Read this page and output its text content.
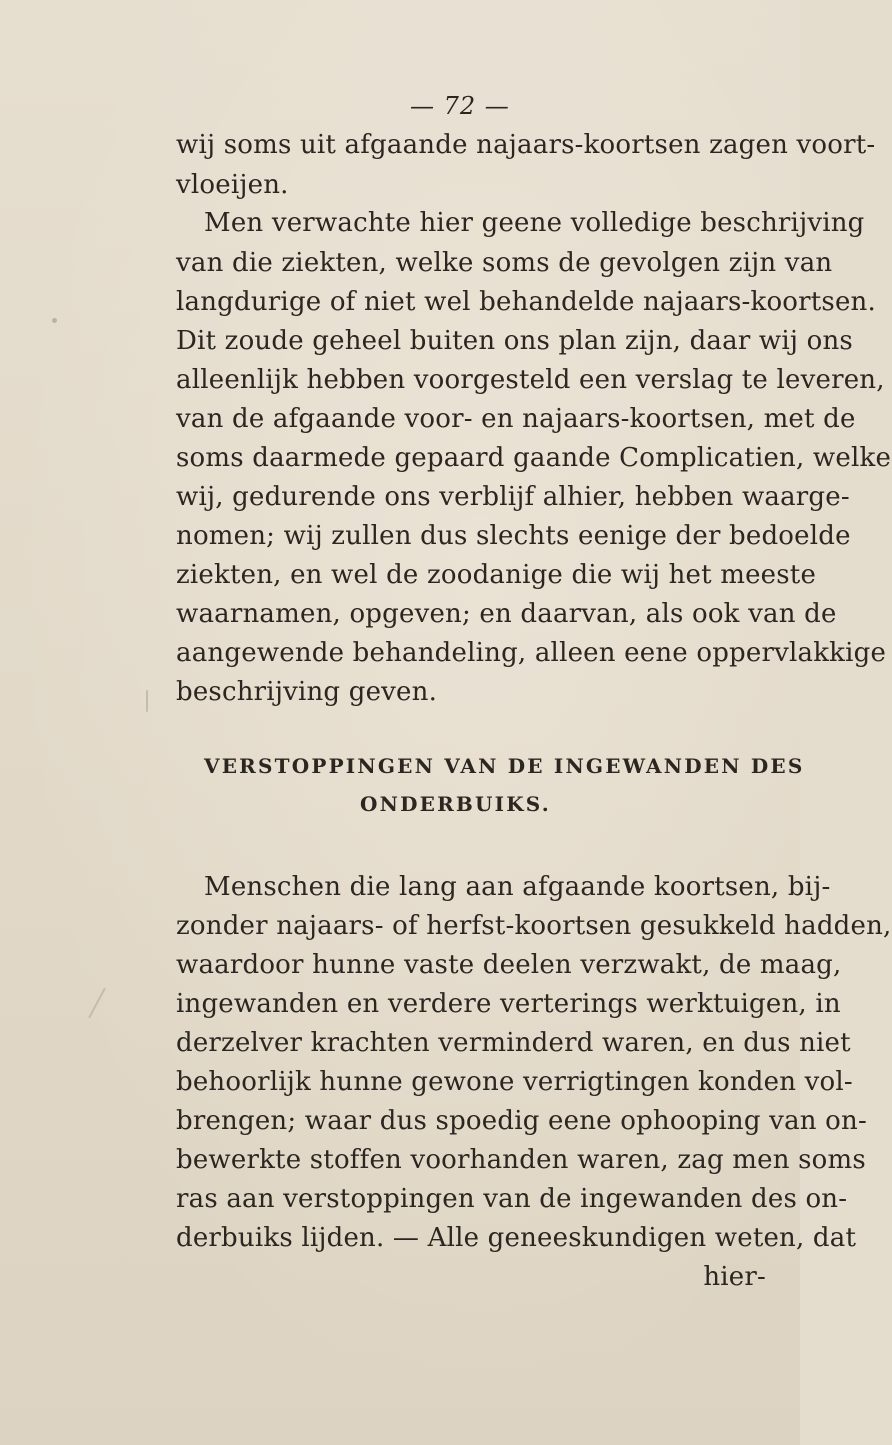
— 72 —
wij soms uit afgaande najaars-koortsen zagen voort-
vloeijen.
Men verwachte hier geene volledige beschrijving
van die ziekten, welke soms de gevolgen zijn van
langdurige of niet wel behandelde najaars-koortsen.
Dit zoude geheel buiten ons plan zijn, daar wij ons
alleenlijk hebben voorgesteld een verslag te leveren,
van de afgaande voor- en najaars-koortsen, met de
soms daarmede gepaard gaande Complicatien, welke
wij, gedurende ons verblijf alhier, hebben waarge-
nomen; wij zullen dus slechts eenige der bedoelde
ziekten, en wel de zoodanige die wij het meeste
waarnamen, opgeven; en daarvan, als ook van de
aangewende behandeling, alleen eene oppervlakkige
beschrijving geven.
VERSTOPPINGEN VAN DE INGEWANDEN DES
ONDERBUIKS.
Menschen die lang aan afgaande koortsen, bij-
zonder najaars- of herfst-koortsen gesukkeld hadden,
waardoor hunne vaste deelen verzwakt, de maag,
ingewanden en verdere verterings werktuigen, in
derzelver krachten verminderd waren, en dus niet
behoorlijk hunne gewone verrigtingen konden vol-
brengen; waar dus spoedig eene ophooping van on-
bewerkte stoffen voorhanden waren, zag men soms
ras aan verstoppingen van de ingewanden des on-
derbuiks lijden. — Alle geneeskundigen weten, dat
hier-
